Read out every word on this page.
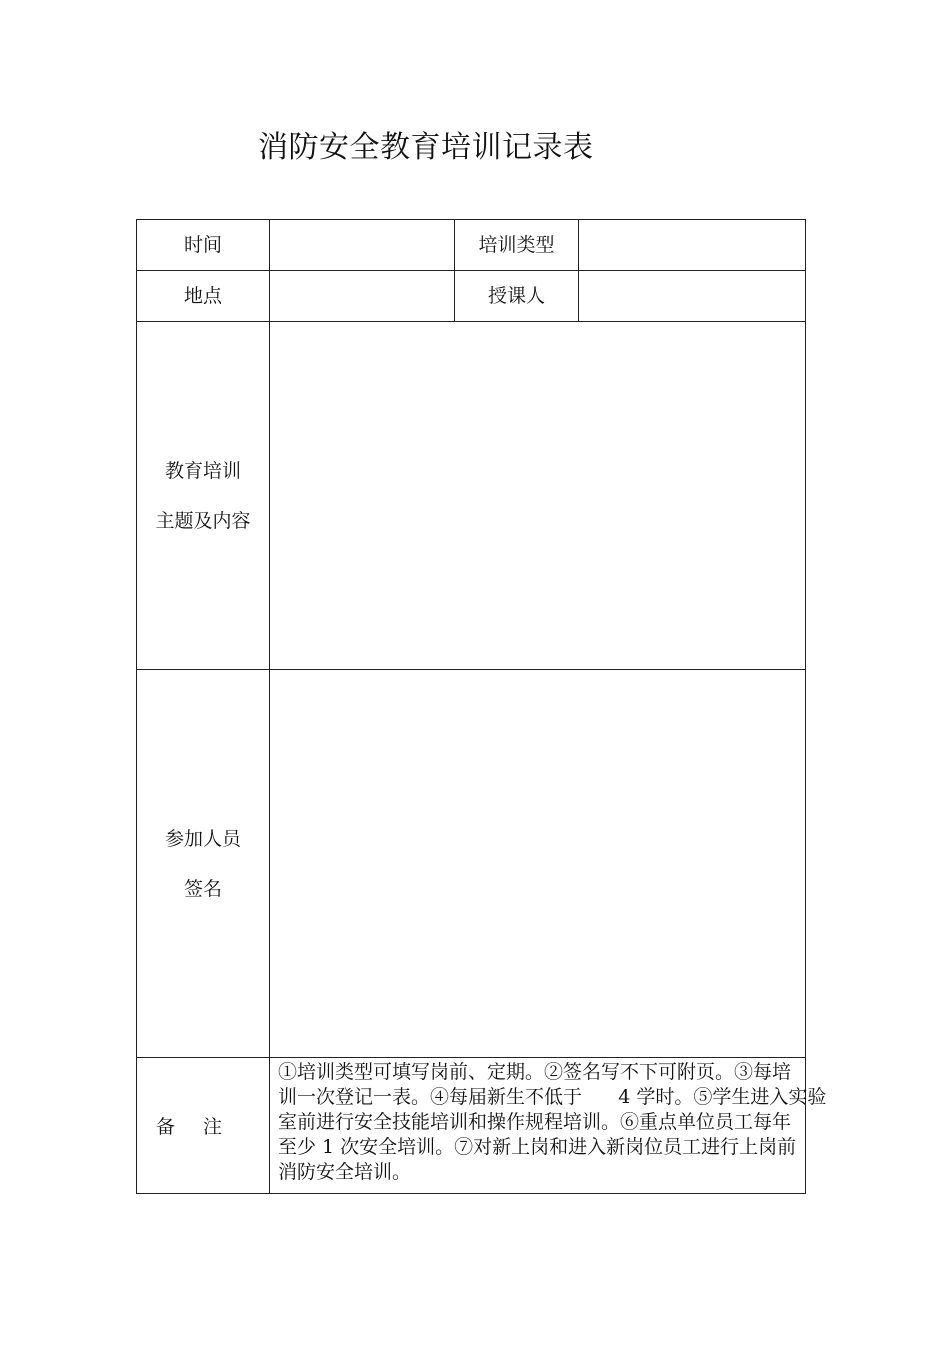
消防安全教育培训记录表
时间		培训类型	
地点		授课人	

教育培训
主题及内容			

参加人员
签名			

备注	①培训类型可填写岗前、定期。②签名写不下可附页。③每培
训一次登记一表。④每届新生不低于      4 学时。⑤学生进入实验
室前进行安全技能培训和操作规程培训。⑥重点单位员工每年
至少 1 次安全培训。⑦对新上岗和进入新岗位员工进行上岗前
消防安全培训。		
